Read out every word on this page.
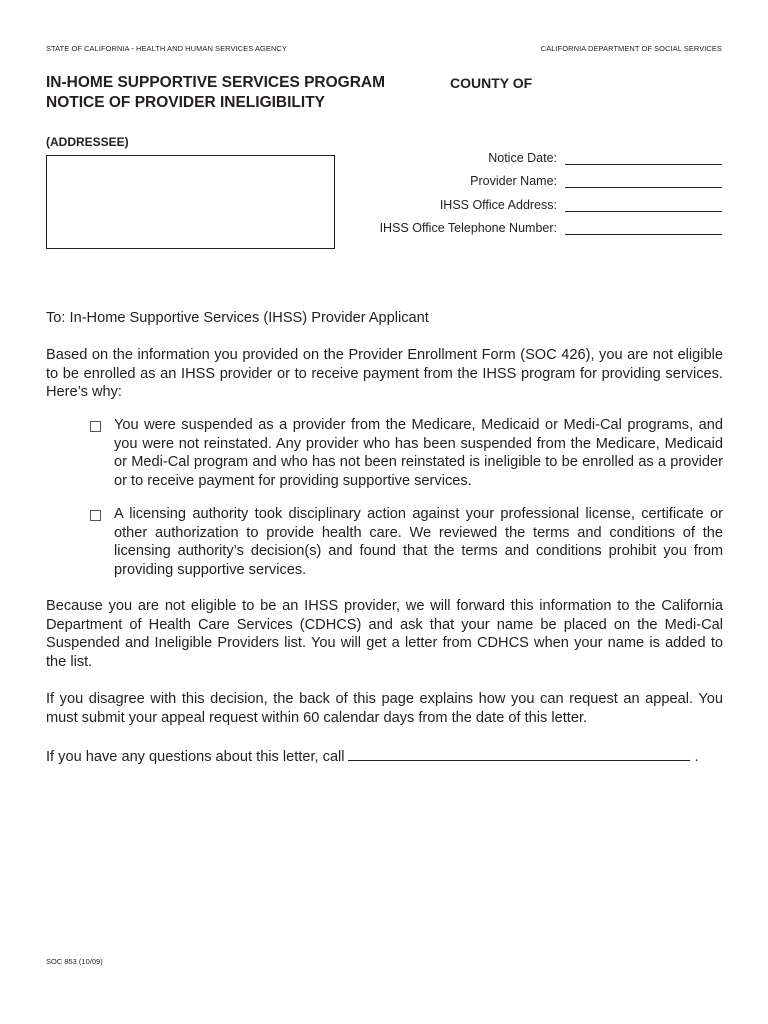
STATE OF CALIFORNIA - HEALTH AND HUMAN SERVICES AGENCY	CALIFORNIA DEPARTMENT OF SOCIAL SERVICES
IN-HOME SUPPORTIVE SERVICES PROGRAM
NOTICE OF PROVIDER INELIGIBILITY
COUNTY OF
(ADDRESSEE)
Notice Date:
Provider Name:
IHSS Office Address:
IHSS Office Telephone Number:
To: In-Home Supportive Services (IHSS) Provider Applicant
Based on the information you provided on the Provider Enrollment Form (SOC 426), you are not eligible to be enrolled as an IHSS provider or to receive payment from the IHSS program for providing services. Here’s why:
You were suspended as a provider from the Medicare, Medicaid or Medi-Cal programs, and you were not reinstated. Any provider who has been suspended from the Medicare, Medicaid or Medi-Cal program and who has not been reinstated is ineligible to be enrolled as a provider or to receive payment for providing supportive services.
A licensing authority took disciplinary action against your professional license, certificate or other authorization to provide health care. We reviewed the terms and conditions of the licensing authority’s decision(s) and found that the terms and conditions prohibit you from providing supportive services.
Because you are not eligible to be an IHSS provider, we will forward this information to the California Department of Health Care Services (CDHCS) and ask that your name be placed on the Medi-Cal Suspended and Ineligible Providers list. You will get a letter from CDHCS when your name is added to the list.
If you disagree with this decision, the back of this page explains how you can request an appeal. You must submit your appeal request within 60 calendar days from the date of this letter.
If you have any questions about this letter, call	.
SOC 853 (10/09)
